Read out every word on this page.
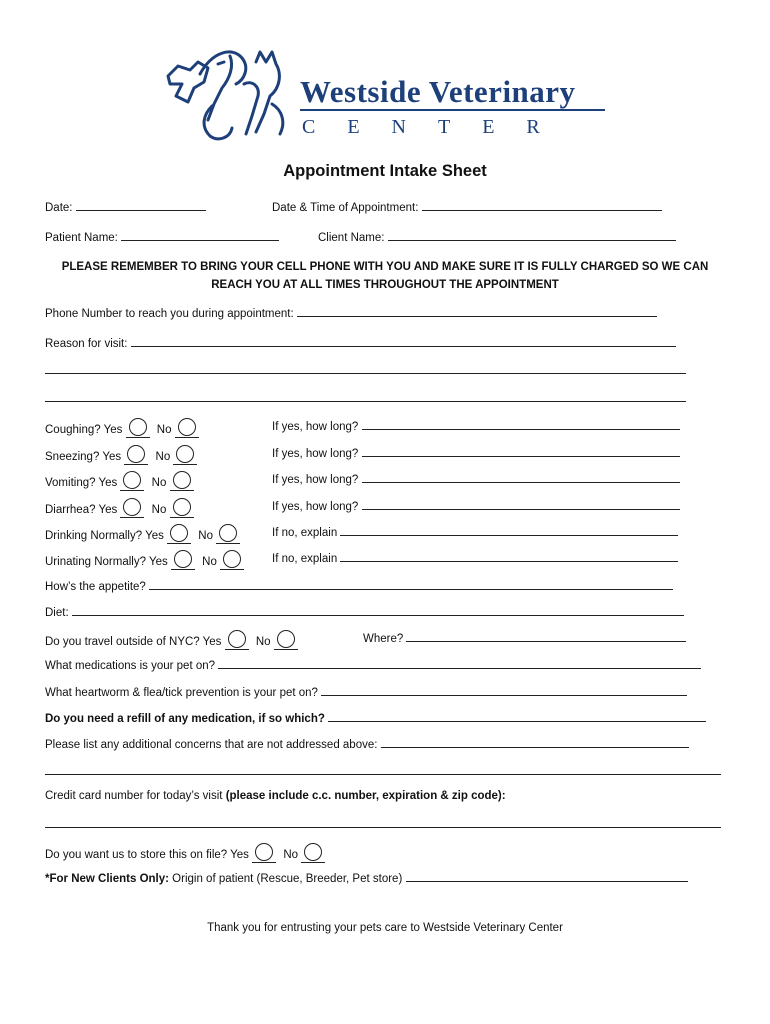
Westside Veterinary
CENTER
Appointment Intake Sheet
Date:	Date & Time of Appointment:
Patient Name:	Client Name:
PLEASE REMEMBER TO BRING YOUR CELL PHONE WITH YOU AND MAKE SURE IT IS FULLY CHARGED SO WE CAN REACH YOU AT ALL TIMES THROUGHOUT THE APPOINTMENT
Phone Number to reach you during appointment:
Reason for visit:
Coughing? Yes	No	If yes, how long?
Sneezing? Yes	No	If yes, how long?
Vomiting? Yes	No	If yes, how long?
Diarrhea? Yes	No	If yes, how long?
Drinking Normally? Yes	No	If no, explain
Urinating Normally? Yes	No	If no, explain
How’s the appetite?
Diet:
Do you travel outside of NYC? Yes	No	Where?
What medications is your pet on?
What heartworm & flea/tick prevention is your pet on?
Do you need a refill of any medication, if so which?
Please list any additional concerns that are not addressed above:
Credit card number for today’s visit (please include c.c. number, expiration & zip code):
Do you want us to store this on file? Yes	No
*For New Clients Only: Origin of patient (Rescue, Breeder, Pet store)
Thank you for entrusting your pets care to Westside Veterinary Center
